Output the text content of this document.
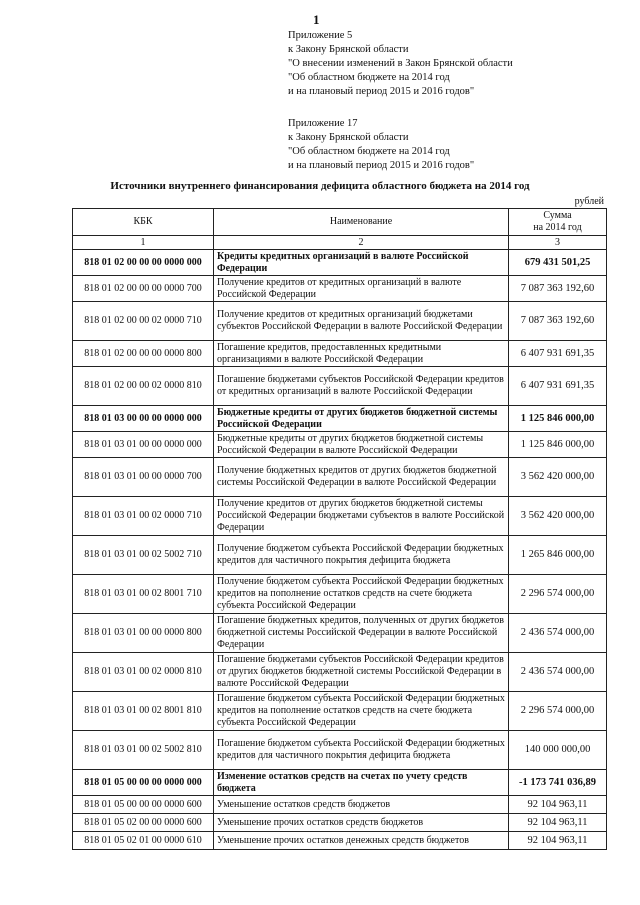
1
Приложение 5
к Закону Брянской области
"О внесении изменений в Закон Брянской области
"Об областном бюджете на 2014 год
и на плановый период 2015 и 2016 годов"
Приложение 17
к Закону Брянской области
"Об областном бюджете на 2014 год
и на плановый период 2015 и 2016 годов"
Источники внутреннего финансирования дефицита областного бюджета на 2014 год
рублей
КБК	Наименование	Сумма
на 2014 год

1	2	3
818 01 02 00 00 00 0000 000	Кредиты кредитных организаций в валюте Российской Федерации	679 431 501,25
818 01 02 00 00 00 0000 700	Получение кредитов от кредитных организаций в валюте Российской Федерации	7 087 363 192,60
818 01 02 00 00 02 0000 710	Получение кредитов от кредитных организаций бюджетами субъектов Российской Федерации в валюте Российской Федерации	7 087 363 192,60
818 01 02 00 00 00 0000 800	Погашение кредитов, предоставленных кредитными организациями в валюте Российской Федерации	6 407 931 691,35
818 01 02 00 00 02 0000 810	Погашение бюджетами субъектов Российской Федерации кредитов от кредитных организаций в валюте Российской Федерации	6 407 931 691,35
818 01 03 00 00 00 0000 000	Бюджетные кредиты от других бюджетов бюджетной системы Российской Федерации	1 125 846 000,00
818 01 03 01 00 00 0000 000	Бюджетные кредиты от других бюджетов бюджетной системы Российской Федерации в валюте Российской Федерации	1 125 846 000,00
818 01 03 01 00 00 0000 700	Получение бюджетных кредитов от других бюджетов бюджетной системы Российской Федерации в валюте Российской Федерации	3 562 420 000,00
818 01 03 01 00 02 0000 710	Получение кредитов от других бюджетов бюджетной системы Российской Федерации бюджетами субъектов в валюте Российской Федерации	3 562 420 000,00
818 01 03 01 00 02 5002 710	Получение бюджетом субъекта Российской Федерации бюджетных кредитов для частичного покрытия дефицита бюджета	1 265 846 000,00
818 01 03 01 00 02 8001 710	Получение бюджетом субъекта Российской Федерации бюджетных кредитов на пополнение остатков средств на счете бюджета субъекта Российской Федерации	2 296 574 000,00
818 01 03 01 00 00 0000 800	Погашение бюджетных кредитов, полученных от других бюджетов бюджетной системы Российской Федерации в валюте Российской Федерации	2 436 574 000,00
818 01 03 01 00 02 0000 810	Погашение бюджетами субъектов Российской Федерации кредитов от других бюджетов бюджетной системы Российской Федерации в валюте Российской Федерации	2 436 574 000,00
818 01 03 01 00 02 8001 810	Погашение бюджетом субъекта Российской Федерации бюджетных кредитов на пополнение остатков средств на счете бюджета субъекта Российской Федерации	2 296 574 000,00
818 01 03 01 00 02 5002 810	Погашение бюджетом субъекта Российской Федерации бюджетных кредитов для частичного покрытия дефицита бюджета	140 000 000,00
818 01 05 00 00 00 0000 000	Изменение остатков средств на счетах по учету средств бюджета	-1 173 741 036,89
818 01 05 00 00 00 0000 600	Уменьшение остатков средств бюджетов	92 104 963,11
818 01 05 02 00 00 0000 600	Уменьшение прочих остатков средств бюджетов	92 104 963,11
818 01 05 02 01 00 0000 610	Уменьшение прочих остатков денежных средств бюджетов	92 104 963,11
